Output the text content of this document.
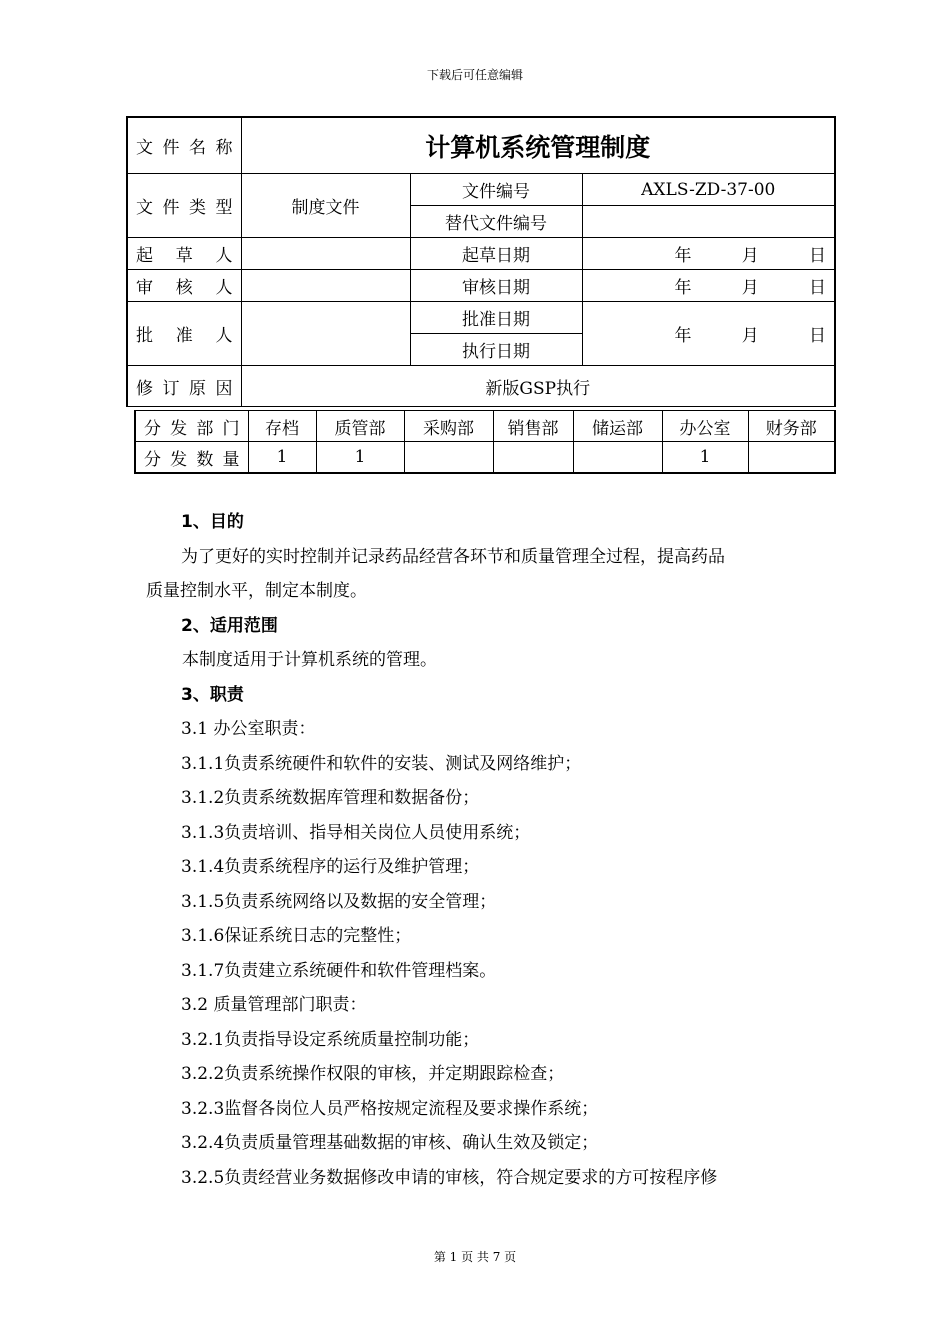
下载后可任意编辑
文件名称	计算机系统管理制度		
文件类型	制度文件	文件编号	AXLS-ZD-37-00
		替代文件编号	
起草人		起草日期	年 月 日

审核人		审核日期	年 月 日

批准人		批准日期	年 月 日

		执行日期	
修订原因	新版GSP执行		
分发部门	存档	质管部	采购部	销售部	储运部	办公室	财务部
分发数量	1	1				1	

1、目的

为了更好的实时控制并记录药品经营各环节和质量管理全过程，提高药品

质量控制水平，制定本制度。

2、适用范围

本制度适用于计算机系统的管理。

3、职责

3.1 办公室职责：

3.1.1负责系统硬件和软件的安装、测试及网络维护；

3.1.2负责系统数据库管理和数据备份；

3.1.3负责培训、指导相关岗位人员使用系统；

3.1.4负责系统程序的运行及维护管理；

3.1.5负责系统网络以及数据的安全管理；

3.1.6保证系统日志的完整性；

3.1.7负责建立系统硬件和软件管理档案。

3.2 质量管理部门职责：

3.2.1负责指导设定系统质量控制功能；

3.2.2负责系统操作权限的审核，并定期跟踪检查；

3.2.3监督各岗位人员严格按规定流程及要求操作系统；

3.2.4负责质量管理基础数据的审核、确认生效及锁定；

3.2.5负责经营业务数据修改申请的审核，符合规定要求的方可按程序修

第 1 页 共 7 页
